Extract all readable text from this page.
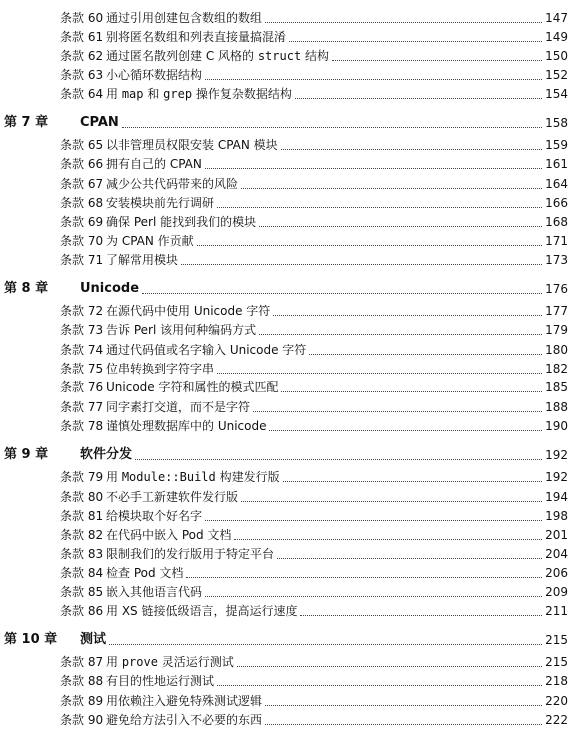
条款 60 通过引用创建包含数组的数组	147
条款 61 别将匿名数组和列表直接量搞混淆	149
条款 62 通过匿名散列创建 C 风格的 struct 结构	150
条款 63 小心循环数据结构	152
条款 64 用 map 和 grep 操作复杂数据结构	154
第 7 章 CPAN	158
条款 65 以非管理员权限安装 CPAN 模块	159
条款 66 拥有自己的 CPAN	161
条款 67 减少公共代码带来的风险	164
条款 68 安装模块前先行调研	166
条款 69 确保 Perl 能找到我们的模块	168
条款 70 为 CPAN 作贡献	171
条款 71 了解常用模块	173
第 8 章 Unicode	176
条款 72 在源代码中使用 Unicode 字符	177
条款 73 告诉 Perl 该用何种编码方式	179
条款 74 通过代码值或名字输入 Unicode 字符	180
条款 75 位串转换到字符字串	182
条款 76 Unicode 字符和属性的模式匹配	185
条款 77 同字素打交道，而不是字符	188
条款 78 谨慎处理数据库中的 Unicode	190
第 9 章 软件分发	192
条款 79 用 Module::Build 构建发行版	192
条款 80 不必手工新建软件发行版	194
条款 81 给模块取个好名字	198
条款 82 在代码中嵌入 Pod 文档	201
条款 83 限制我们的发行版用于特定平台	204
条款 84 检查 Pod 文档	206
条款 85 嵌入其他语言代码	209
条款 86 用 XS 链接低级语言，提高运行速度	211
第 10 章 测试	215
条款 87 用 prove 灵活运行测试	215
条款 88 有目的性地运行测试	218
条款 89 用依赖注入避免特殊测试逻辑	220
条款 90 避免给方法引入不必要的东西	222
